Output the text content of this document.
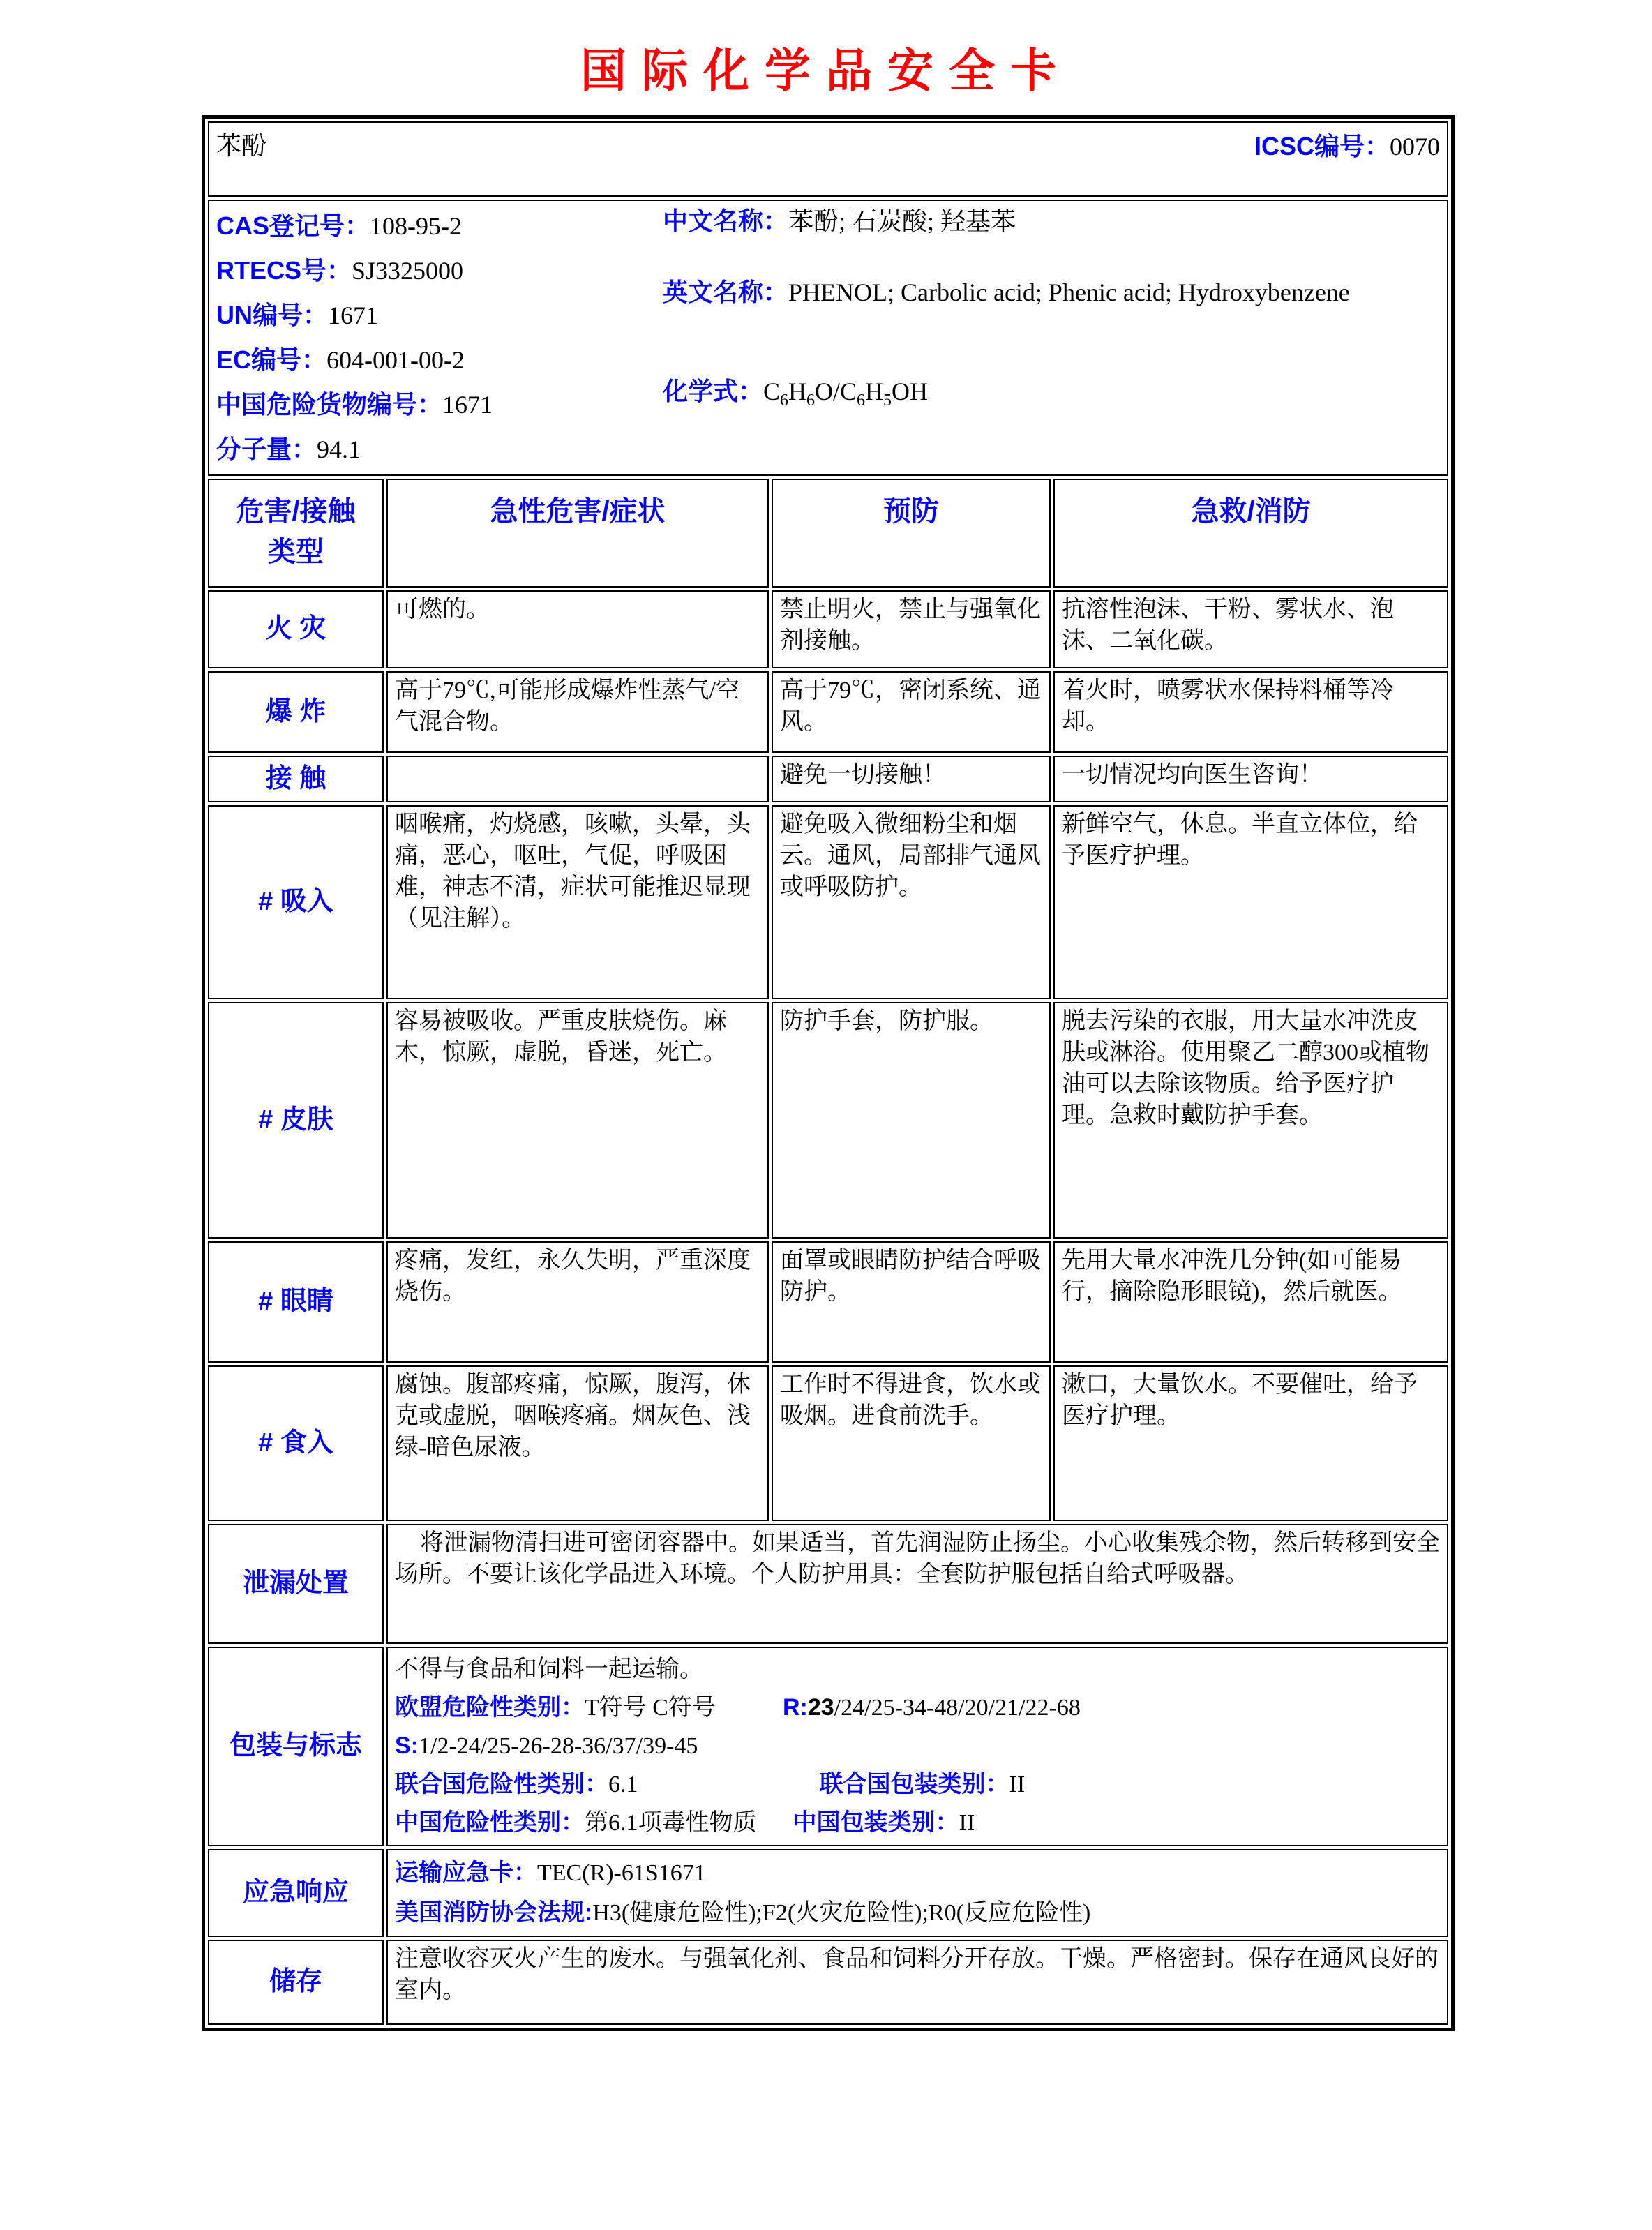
国际化学品安全卡
苯酚 ICSC编号：0070			

CAS登记号：108-95-2
RTECS号：SJ3325000
UN编号：1671
EC编号：604-001-00-2
中国危险货物编号：1671
分子量：94.1
中文名称：苯酚; 石炭酸; 羟基苯
英文名称：PHENOL; Carbolic acid; Phenic acid; Hydroxybenzene
化学式：$C_6H_6O/C_6H_5OH$

危害/接触
类型	急性危害/症状	预防	急救/消防
火 灾	可燃的。	禁止明火，禁止与强氧化剂接触。	抗溶性泡沫、干粉、雾状水、泡沫、二氧化碳。
爆 炸	高于79℃,可能形成爆炸性蒸气/空气混合物。	高于79℃，密闭系统、通风。	着火时，喷雾状水保持料桶等冷却。
接 触		避免一切接触！	一切情况均向医生咨询！
# 吸入	咽喉痛，灼烧感，咳嗽，头晕，头痛，恶心，呕吐，气促，呼吸困难，神志不清，症状可能推迟显现（见注解）。	避免吸入微细粉尘和烟云。通风，局部排气通风或呼吸防护。	新鲜空气，休息。半直立体位，给予医疗护理。
# 皮肤	容易被吸收。严重皮肤烧伤。麻木，惊厥，虚脱，昏迷，死亡。	防护手套，防护服。	脱去污染的衣服，用大量水冲洗皮肤或淋浴。使用聚乙二醇300或植物油可以去除该物质。给予医疗护理。急救时戴防护手套。
# 眼睛	疼痛，发红，永久失明，严重深度烧伤。	面罩或眼睛防护结合呼吸防护。	先用大量水冲洗几分钟(如可能易行，摘除隐形眼镜)，然后就医。
# 食入	腐蚀。腹部疼痛，惊厥，腹泻，休克或虚脱，咽喉疼痛。烟灰色、浅绿-暗色尿液。	工作时不得进食，饮水或吸烟。进食前洗手。	漱口，大量饮水。不要催吐，给予医疗护理。
泄漏处置	将泄漏物清扫进可密闭容器中。如果适当，首先润湿防止扬尘。小心收集残余物，然后转移到安全场所。不要让该化学品进入环境。个人防护用具：全套防护服包括自给式呼吸器。		

包装与标志	不得与食品和饲料一起运输。
欧盟危险性类别：T符号 C符号 R:23/24/25-34-48/20/21/22-68
S:1/2-24/25-26-28-36/37/39-45
联合国危险性类别：6.1 联合国包装类别：II
中国危险性类别：第6.1项毒性物质 中国包装类别：II		

应急响应	运输应急卡：TEC(R)-61S1671
美国消防协会法规:H3(健康危险性);F2(火灾危险性);R0(反应危险性)		

储存	注意收容灭火产生的废水。与强氧化剂、食品和饲料分开存放。干燥。严格密封。保存在通风良好的室内。		
